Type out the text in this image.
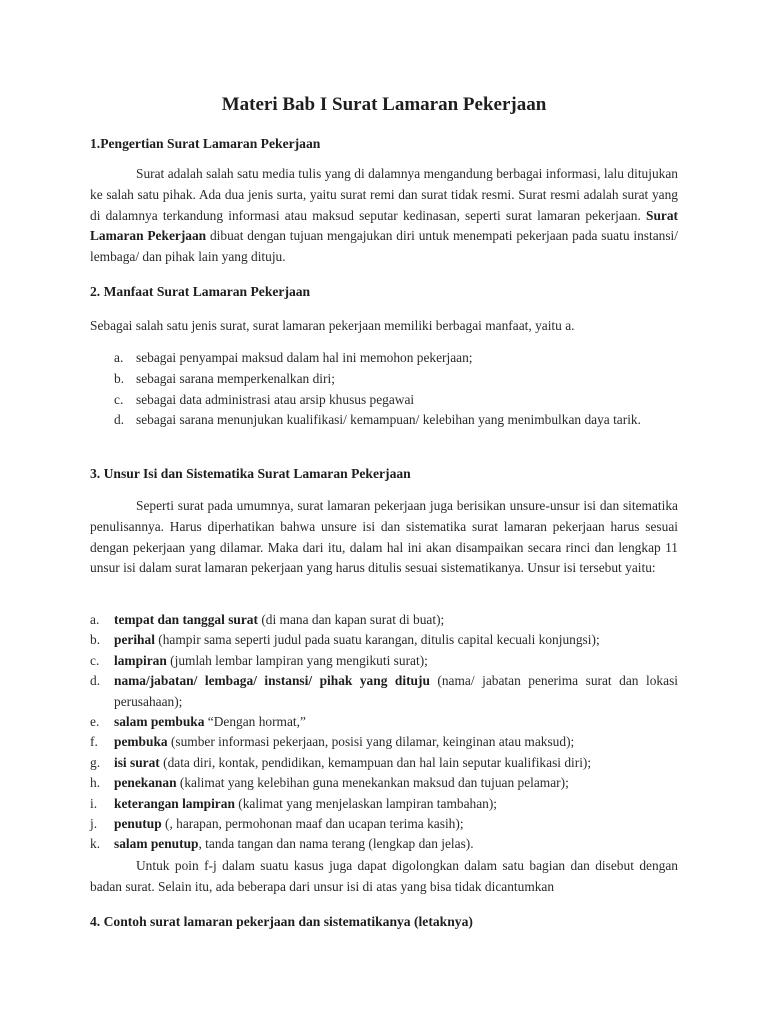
Materi Bab I Surat Lamaran Pekerjaan
1.Pengertian Surat Lamaran Pekerjaan
Surat adalah salah satu media tulis yang di dalamnya mengandung berbagai informasi, lalu ditujukan ke salah satu pihak. Ada dua jenis surta, yaitu surat remi dan surat tidak resmi. Surat resmi adalah surat yang di dalamnya terkandung informasi atau maksud seputar kedinasan, seperti surat lamaran pekerjaan. Surat Lamaran Pekerjaan dibuat dengan tujuan mengajukan diri untuk menempati pekerjaan pada suatu instansi/ lembaga/ dan pihak lain yang dituju.
2. Manfaat Surat Lamaran Pekerjaan
Sebagai salah satu jenis surat, surat lamaran pekerjaan memiliki berbagai manfaat, yaitu a.
a. sebagai penyampai maksud dalam hal ini memohon pekerjaan;
b. sebagai sarana memperkenalkan diri;
c. sebagai data administrasi atau arsip khusus pegawai
d. sebagai sarana menunjukan kualifikasi/ kemampuan/ kelebihan yang menimbulkan daya tarik.
3. Unsur Isi dan Sistematika Surat Lamaran Pekerjaan
Seperti surat pada umumnya, surat lamaran pekerjaan juga berisikan unsure-unsur isi dan sitematika penulisannya. Harus diperhatikan bahwa unsure isi dan sistematika surat lamaran pekerjaan harus sesuai dengan pekerjaan yang dilamar. Maka dari itu, dalam hal ini akan disampaikan secara rinci dan lengkap 11 unsur isi dalam surat lamaran pekerjaan yang harus ditulis sesuai sistematikanya. Unsur isi tersebut yaitu:
a. tempat dan tanggal surat (di mana dan kapan surat di buat);
b. perihal (hampir sama seperti judul pada suatu karangan, ditulis capital kecuali konjungsi);
c. lampiran (jumlah lembar lampiran yang mengikuti surat);
d. nama/jabatan/ lembaga/ instansi/ pihak yang dituju (nama/ jabatan penerima surat dan lokasi perusahaan);
e. salam pembuka “Dengan hormat,”
f. pembuka (sumber informasi pekerjaan, posisi yang dilamar, keinginan atau maksud);
g. isi surat (data diri, kontak, pendidikan, kemampuan dan hal lain seputar kualifikasi diri);
h. penekanan (kalimat yang kelebihan guna menekankan maksud dan tujuan pelamar);
i. keterangan lampiran (kalimat yang menjelaskan lampiran tambahan);
j. penutup (, harapan, permohonan maaf dan ucapan terima kasih);
k. salam penutup, tanda tangan dan nama terang (lengkap dan jelas).
Untuk poin f-j dalam suatu kasus juga dapat digolongkan dalam satu bagian dan disebut dengan badan surat. Selain itu, ada beberapa dari unsur isi di atas yang bisa tidak dicantumkan
4. Contoh surat lamaran pekerjaan dan sistematikanya (letaknya)
